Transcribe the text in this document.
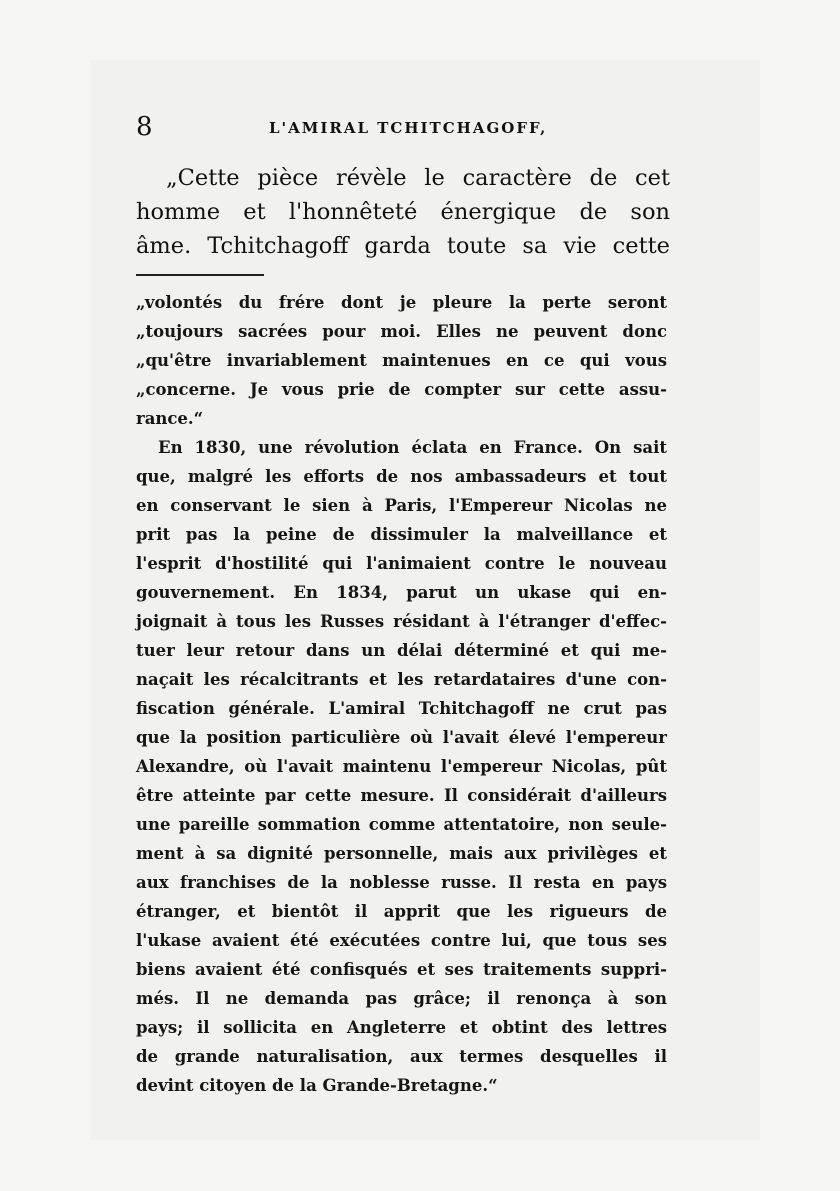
8	L'AMIRAL TCHITCHAGOFF,
„Cette pièce révèle le caractère de cet
homme et l'honnêteté énergique de son
âme. Tchitchagoff garda toute sa vie cette
„volontés du frére dont je pleure la perte seront
„toujours sacrées pour moi. Elles ne peuvent donc
„qu'être invariablement maintenues en ce qui vous
„concerne. Je vous prie de compter sur cette assu-
rance.“
En 1830, une révolution éclata en France. On sait
que, malgré les efforts de nos ambassadeurs et tout
en conservant le sien à Paris, l'Empereur Nicolas ne
prit pas la peine de dissimuler la malveillance et
l'esprit d'hostilité qui l'animaient contre le nouveau
gouvernement. En 1834, parut un ukase qui en-
joignait à tous les Russes résidant à l'étranger d'effec-
tuer leur retour dans un délai déterminé et qui me-
naçait les récalcitrants et les retardataires d'une con-
fiscation générale. L'amiral Tchitchagoff ne crut pas
que la position particulière où l'avait élevé l'empereur
Alexandre, où l'avait maintenu l'empereur Nicolas, pût
être atteinte par cette mesure. Il considérait d'ailleurs
une pareille sommation comme attentatoire, non seule-
ment à sa dignité personnelle, mais aux privilèges et
aux franchises de la noblesse russe. Il resta en pays
étranger, et bientôt il apprit que les rigueurs de
l'ukase avaient été exécutées contre lui, que tous ses
biens avaient été confisqués et ses traitements suppri-
més. Il ne demanda pas grâce; il renonça à son
pays; il sollicita en Angleterre et obtint des lettres
de grande naturalisation, aux termes desquelles il
devint citoyen de la Grande-Bretagne.“
